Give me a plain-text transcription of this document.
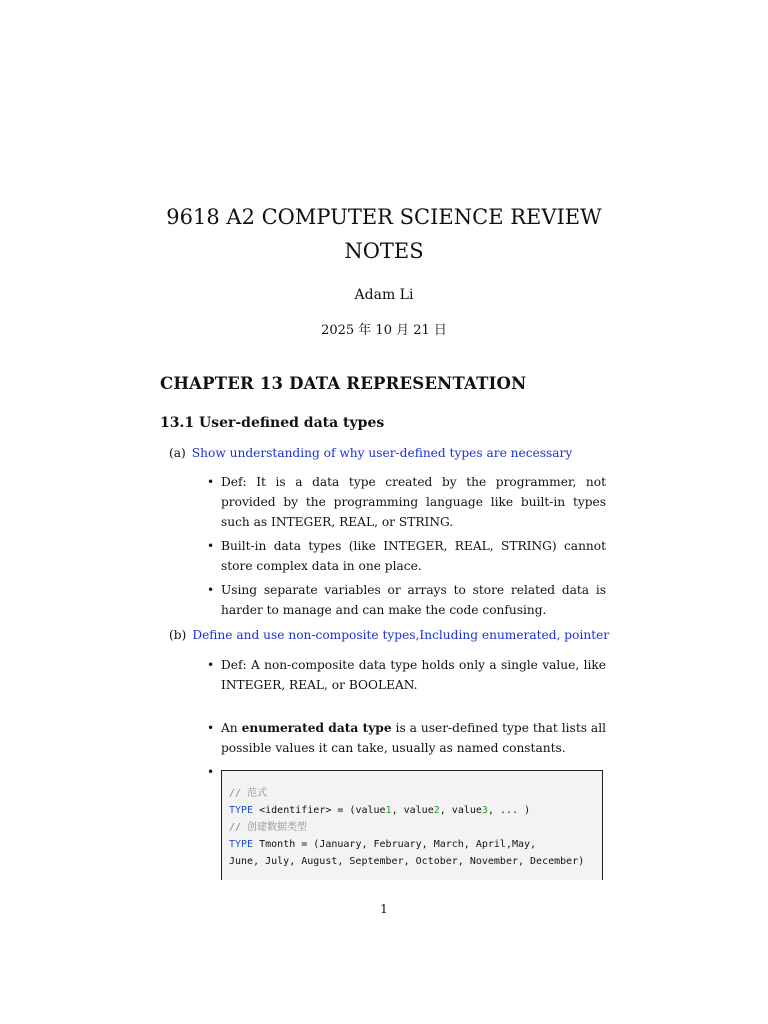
9618 A2 COMPUTER SCIENCE REVIEW
NOTES
Adam Li
2025 年 10 月 21 日
CHAPTER 13 DATA REPRESENTATION
13.1 User-defined data types
(a) Show understanding of why user-defined types are necessary
• Def: It is a data type created by the programmer, not provided by the programming language like built-in types such as INTEGER, REAL, or STRING.
• Built-in data types (like INTEGER, REAL, STRING) cannot store complex data in one place.
• Using separate variables or arrays to store related data is harder to manage and can make the code confusing.
(b) Define and use non-composite types,Including enumerated, pointer
• Def: A non-composite data type holds only a single value, like INTEGER, REAL, or BOOLEAN.
• An enumerated data type is a user-defined type that lists all possible values it can take, usually as named constants.
•
// 范式
TYPE <identifier> = (value1, value2, value3, ... )
// 创建数据类型
TYPE Tmonth = (January, February, March, April,May,
June, July, August, September, October, November, December)
1
